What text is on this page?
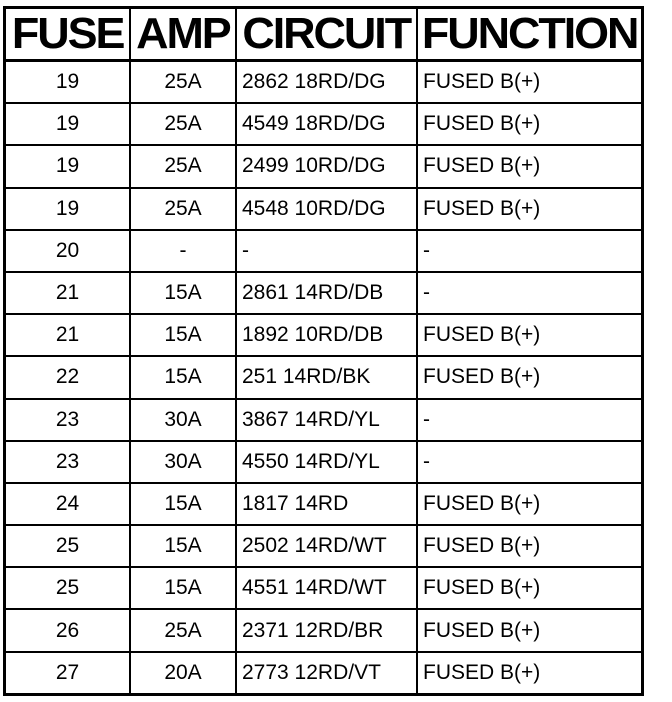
FUSE	AMP	CIRCUIT	FUNCTION
19	25A	2862 18RD/DG	FUSED B(+)
19	25A	4549 18RD/DG	FUSED B(+)
19	25A	2499 10RD/DG	FUSED B(+)
19	25A	4548 10RD/DG	FUSED B(+)
20	-	-	-
21	15A	2861 14RD/DB	-
21	15A	1892 10RD/DB	FUSED B(+)
22	15A	251 14RD/BK	FUSED B(+)
23	30A	3867 14RD/YL	-
23	30A	4550 14RD/YL	-
24	15A	1817 14RD	FUSED B(+)
25	15A	2502 14RD/WT	FUSED B(+)
25	15A	4551 14RD/WT	FUSED B(+)
26	25A	2371 12RD/BR	FUSED B(+)
27	20A	2773 12RD/VT	FUSED B(+)
